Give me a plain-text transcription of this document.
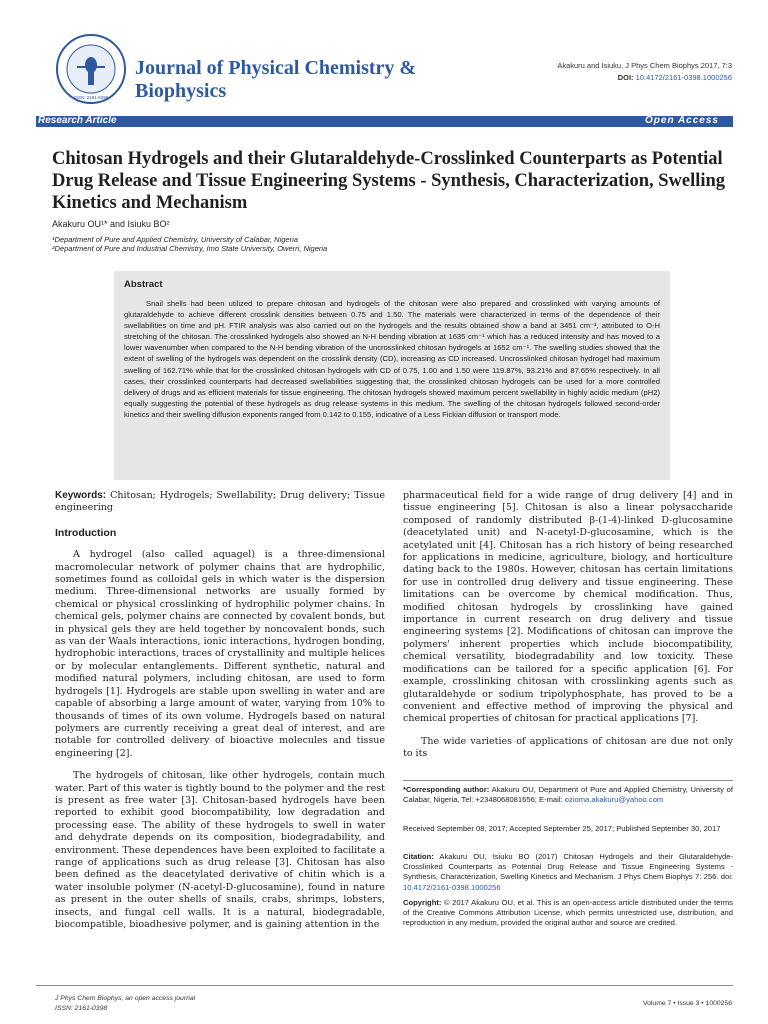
ISSN: 2161-0398
Journal of Physical Chemistry & Biophysics
Akakuru and Isiuku, J Phys Chem Biophys 2017, 7:3
DOI: 10.4172/2161-0398.1000256
Research Article	Open Access
Chitosan Hydrogels and their Glutaraldehyde-Crosslinked Counterparts as Potential Drug Release and Tissue Engineering Systems - Synthesis, Characterization, Swelling Kinetics and Mechanism
Akakuru OU¹* and Isiuku BO²
¹Department of Pure and Applied Chemistry, University of Calabar, Nigeria
²Department of Pure and Industrial Chemistry, Imo State University, Owerri, Nigeria
Abstract

Snail shells had been utilized to prepare chitosan and hydrogels of the chitosan were also prepared and crosslinked with varying amounts of glutaraldehyde to achieve different crosslink densities between 0.75 and 1.50. The materials were characterized in terms of the dependence of their swellabilities on time and pH. FTIR analysis was also carried out on the hydrogels and the results obtained show a band at 3451 cm⁻¹, attributed to O-H stretching of the chitosan. The crosslinked hydrogels also showed an N-H bending vibration at 1635 cm⁻¹ which has a reduced intensity and has moved to a lower wavenumber when compared to the N-H bending vibration of the uncrosslinked chitosan hydrogels at 1652 cm⁻¹. The swelling studies showed that the extent of swelling of the hydrogels was dependent on the crosslink density (CD), increasing as CD increased. Uncrosslinked chitosan hydrogel had maximum swelling of 162.71% while that for the crosslinked chitosan hydrogels with CD of 0.75, 1.00 and 1.50 were 119.87%, 93.21% and 87.65% respectively. In all cases, their crosslinked counterparts had decreased swellabilities suggesting that, the crosslinked chitosan hydrogels can be used for a more controlled delivery of drugs and as efficient materials for tissue engineering. The chitosan hydrogels showed maximum percent swellability in highly acidic medium (pH2) equally suggesting the potential of these hydrogels as drug release systems in this medium. The swelling of the chitosan hydrogels followed second-order kinetics and their swelling diffusion exponents ranged from 0.142 to 0.155, indicative of a Less Fickian diffusion or transport mode.

Keywords: Chitosan; Hydrogels; Swellability; Drug delivery; Tissue engineering

Introduction

A hydrogel (also called aquagel) is a three-dimensional macromolecular network of polymer chains that are hydrophilic, sometimes found as colloidal gels in which water is the dispersion medium. Three-dimensional networks are usually formed by chemical or physical crosslinking of hydrophilic polymer chains. In chemical gels, polymer chains are connected by covalent bonds, but in physical gels they are held together by noncovalent bonds, such as van der Waals interactions, ionic interactions, hydrogen bonding, hydrophobic interactions, traces of crystallinity and multiple helices or by molecular entanglements. Different synthetic, natural and modified natural polymers, including chitosan, are used to form hydrogels [1]. Hydrogels are stable upon swelling in water and are capable of absorbing a large amount of water, varying from 10% to thousands of times of its own volume. Hydrogels based on natural polymers are currently receiving a great deal of interest, and are notable for controlled delivery of bioactive molecules and tissue engineering [2].

The hydrogels of chitosan, like other hydrogels, contain much water. Part of this water is tightly bound to the polymer and the rest is present as free water [3]. Chitosan-based hydrogels have been reported to exhibit good biocompatibility, low degradation and processing ease. The ability of these hydrogels to swell in water and dehydrate depends on its composition, biodegradability, and environment. These dependences have been exploited to facilitate a range of applications such as drug release [3]. Chitosan has also been defined as the deacetylated derivative of chitin which is a water insoluble polymer (N-acetyl-D-glucosamine), found in nature as present in the outer shells of snails, crabs, shrimps, lobsters, insects, and fungal cell walls. It is a natural, biodegradable, biocompatible, bioadhesive polymer, and is gaining attention in the

pharmaceutical field for a wide range of drug delivery [4] and in tissue engineering [5]. Chitosan is also a linear polysaccharide composed of randomly distributed β-(1-4)-linked D-glucosamine (deacetylated unit) and N-acetyl-D-glucosamine, which is the acetylated unit [4]. Chitosan has a rich history of being researched for applications in medicine, agriculture, biology, and horticulture dating back to the 1980s. However, chitosan has certain limitations for use in controlled drug delivery and tissue engineering. These limitations can be overcome by chemical modification. Thus, modified chitosan hydrogels by crosslinking have gained importance in current research on drug delivery and tissue engineering systems [2]. Modifications of chitosan can improve the polymers' inherent properties which include biocompatibility, chemical versatility, biodegradability and low toxicity. These modifications can be tailored for a specific application [6]. For example, crosslinking chitosan with crosslinking agents such as glutaraldehyde or sodium tripolyphosphate, has proved to be a convenient and effective method of improving the physical and chemical properties of chitosan for practical applications [7].

The wide varieties of applications of chitosan are due not only to its

*Corresponding author: Akakuru OU, Department of Pure and Applied Chemistry, University of Calabar, Nigeria, Tel: +2348068081656; E-mail: ozioma.akakuru@yahoo.com

Received September 08, 2017; Accepted September 25, 2017; Published September 30, 2017

Citation: Akakuru OU, Isiuku BO (2017) Chitosan Hydrogels and their Glutaraldehyde-Crosslinked Counterparts as Potential Drug Release and Tissue Engineering Systems - Synthesis, Characterization, Swelling Kinetics and Mechanism. J Phys Chem Biophys 7: 256. doi: 10.4172/2161-0398.1000256

Copyright: © 2017 Akakuru OU, et al. This is an open-access article distributed under the terms of the Creative Commons Attribution License, which permits unrestricted use, distribution, and reproduction in any medium, provided the original author and source are credited.

J Phys Chem Biophys, an open access journal
ISSN: 2161-0398
Volume 7 • Issue 3 • 1000256
